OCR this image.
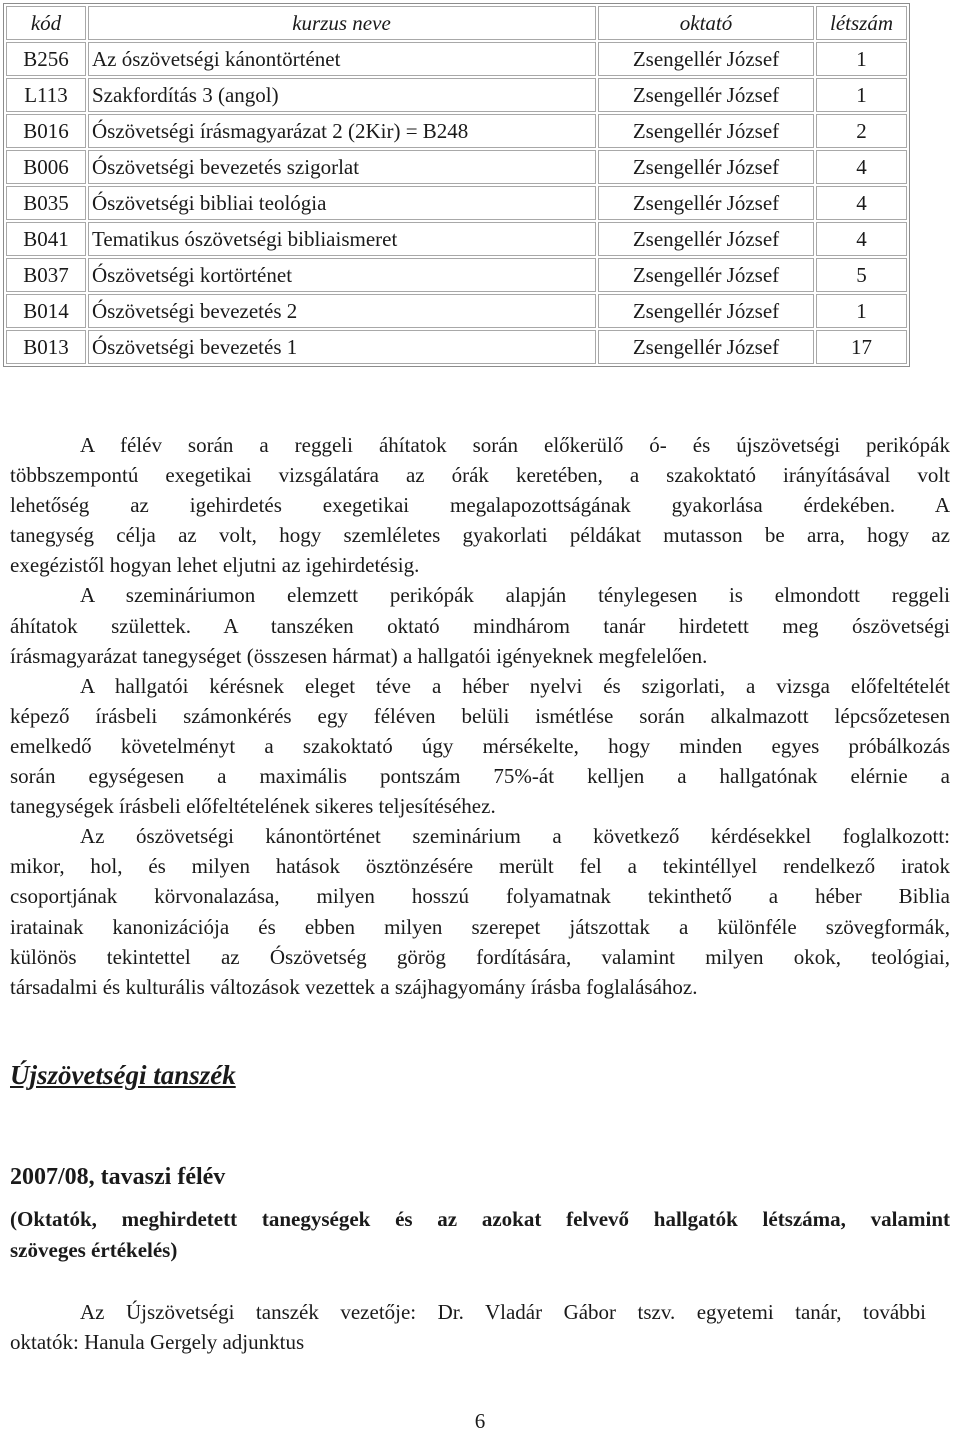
kód	kurzus neve	oktató	létszám
B256	Az ószövetségi kánontörténet	Zsengellér József	1
L113	Szakfordítás 3 (angol)	Zsengellér József	1
B016	Ószövetségi írásmagyarázat 2 (2Kir) = B248	Zsengellér József	2
B006	Ószövetségi bevezetés szigorlat	Zsengellér József	4
B035	Ószövetségi bibliai teológia	Zsengellér József	4
B041	Tematikus ószövetségi bibliaismeret	Zsengellér József	4
B037	Ószövetségi kortörténet	Zsengellér József	5
B014	Ószövetségi bevezetés 2	Zsengellér József	1
B013	Ószövetségi bevezetés 1	Zsengellér József	17
A félév során a reggeli áhítatok során előkerülő ó- és újszövetségi perikópák
többszempontú exegetikai vizsgálatára az órák keretében, a szakoktató irányításával volt
lehetőség az igehirdetés exegetikai megalapozottságának gyakorlása érdekében. A
tanegység célja az volt, hogy szemléletes gyakorlati példákat mutasson be arra, hogy az
exegézistől hogyan lehet eljutni az igehirdetésig.
A szemináriumon elemzett perikópák alapján ténylegesen is elmondott reggeli
áhítatok születtek. A tanszéken oktató mindhárom tanár hirdetett meg ószövetségi
írásmagyarázat tanegységet (összesen hármat) a hallgatói igényeknek megfelelően.
A hallgatói kérésnek eleget téve a héber nyelvi és szigorlati, a vizsga előfeltételét
képező írásbeli számonkérés egy féléven belüli ismétlése során alkalmazott lépcsőzetesen
emelkedő követelményt a szakoktató úgy mérsékelte, hogy minden egyes próbálkozás
során egységesen a maximális pontszám 75%-át kelljen a hallgatónak elérnie a
tanegységek írásbeli előfeltételének sikeres teljesítéséhez.
Az ószövetségi kánontörténet szeminárium a következő kérdésekkel foglalkozott:
mikor, hol, és milyen hatások ösztönzésére merült fel a tekintéllyel rendelkező iratok
csoportjának körvonalazása, milyen hosszú folyamatnak tekinthető a héber Biblia
iratainak kanonizációja és ebben milyen szerepet játszottak a különféle szövegformák,
különös tekintettel az Ószövetség görög fordítására, valamint milyen okok, teológiai,
társadalmi és kulturális változások vezettek a szájhagyomány írásba foglalásához.
Újszövetségi tanszék
2007/08, tavaszi félév
(Oktatók, meghirdetett tanegységek és az azokat felvevő hallgatók létszáma, valamint
szöveges értékelés)
Az Újszövetségi tanszék vezetője: Dr. Vladár Gábor tszv. egyetemi tanár, további
oktatók: Hanula Gergely adjunktus
6
